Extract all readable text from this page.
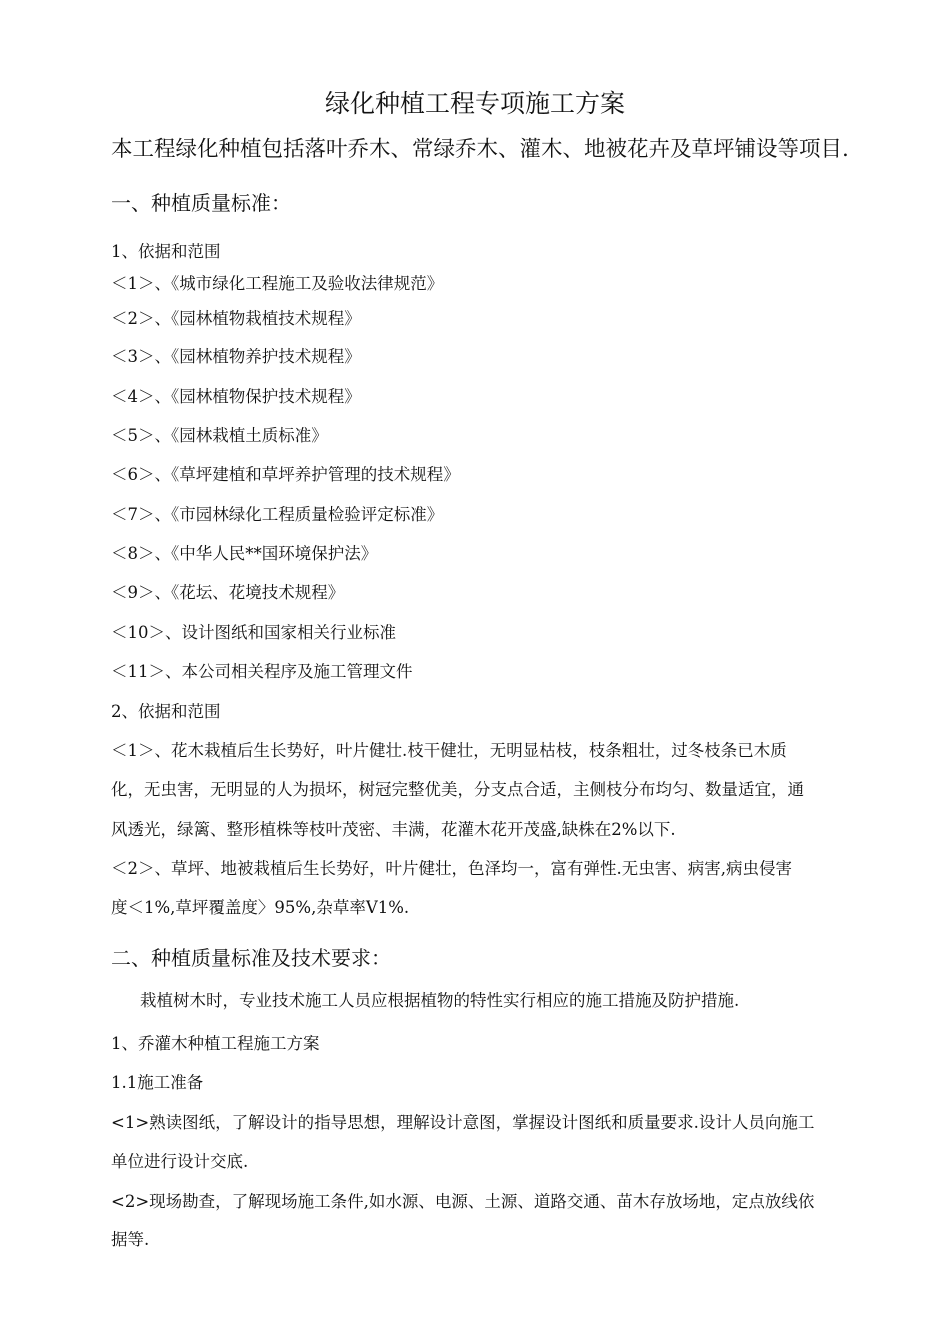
绿化种植工程专项施工方案
本工程绿化种植包括落叶乔木、常绿乔木、灌木、地被花卉及草坪铺设等项目.
一、种植质量标准：
1、依据和范围
＜1＞、《城市绿化工程施工及验收法律规范》
＜2＞、《园林植物栽植技术规程》
＜3＞、《园林植物养护技术规程》
＜4＞、《园林植物保护技术规程》
＜5＞、《园林栽植土质标准》
＜6＞、《草坪建植和草坪养护管理的技术规程》
＜7＞、《市园林绿化工程质量检验评定标准》
＜8＞、《中华人民**国环境保护法》
＜9＞、《花坛、花境技术规程》
＜10＞、设计图纸和国家相关行业标准
＜11＞、本公司相关程序及施工管理文件
2、依据和范围
＜1＞、花木栽植后生长势好，叶片健壮.枝干健壮，无明显枯枝，枝条粗壮，过冬枝条已木质
化，无虫害，无明显的人为损坏，树冠完整优美，分支点合适，主侧枝分布均匀、数量适宜，通
风透光，绿篱、整形植株等枝叶茂密、丰满，花灌木花开茂盛,缺株在2%以下.
＜2＞、草坪、地被栽植后生长势好，叶片健壮，色泽均一，富有弹性.无虫害、病害,病虫侵害
度＜1%,草坪覆盖度〉95%,杂草率V1%.
二、种植质量标准及技术要求：
栽植树木时，专业技术施工人员应根据植物的特性实行相应的施工措施及防护措施.
1、乔灌木种植工程施工方案
1.1施工准备
<1>熟读图纸，了解设计的指导思想，理解设计意图，掌握设计图纸和质量要求.设计人员向施工
单位进行设计交底.
<2>现场勘查，了解现场施工条件,如水源、电源、土源、道路交通、苗木存放场地，定点放线依
据等.
